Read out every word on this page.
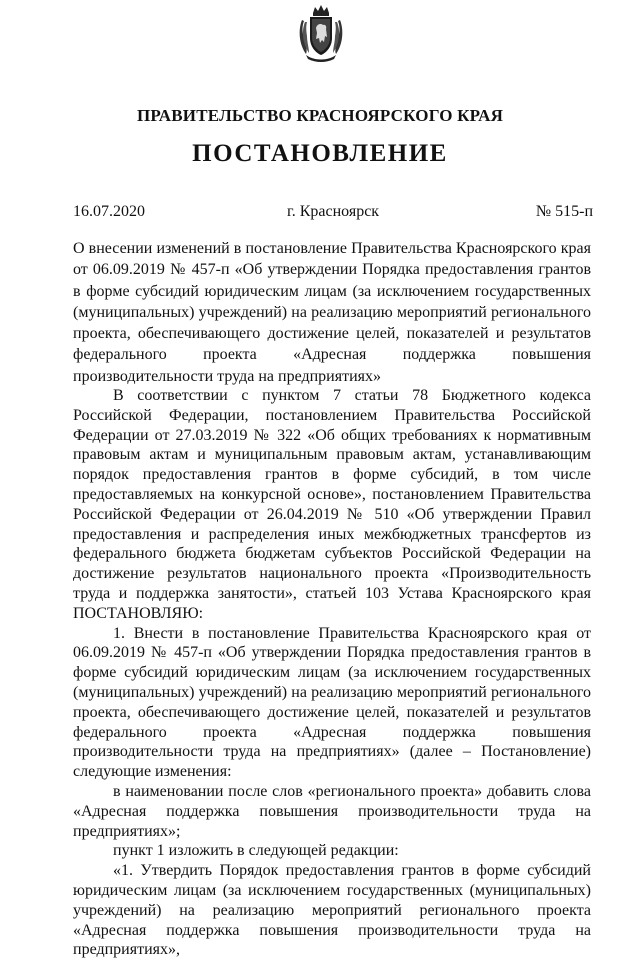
ПРАВИТЕЛЬСТВО КРАСНОЯРСКОГО КРАЯ
ПОСТАНОВЛЕНИЕ
16.07.2020	г. Красноярск	№ 515-п
О внесении изменений в постановление Правительства Красноярского края от 06.09.2019 № 457-п «Об утверждении Порядка предоставления грантов в форме субсидий юридическим лицам (за исключением государственных (муниципальных) учреждений) на реализацию мероприятий регионального проекта, обеспечивающего достижение целей, показателей и результатов федерального проекта «Адресная поддержка повышения производительности труда на предприятиях»

В соответствии с пунктом 7 статьи 78 Бюджетного кодекса Российской Федерации, постановлением Правительства Российской Федерации от 27.03.2019 № 322 «Об общих требованиях к нормативным правовым актам и муниципальным правовым актам, устанавливающим порядок предоставления грантов в форме субсидий, в том числе предоставляемых на конкурсной основе», постановлением Правительства Российской Федерации от 26.04.2019 № 510 «Об утверждении Правил предоставления и распределения иных межбюджетных трансфертов из федерального бюджета бюджетам субъектов Российской Федерации на достижение результатов национального проекта «Производительность труда и поддержка занятости», статьей 103 Устава Красноярского края ПОСТАНОВЛЯЮ:

1. Внести в постановление Правительства Красноярского края от 06.09.2019 № 457-п «Об утверждении Порядка предоставления грантов в форме субсидий юридическим лицам (за исключением государственных (муниципальных) учреждений) на реализацию мероприятий регионального проекта, обеспечивающего достижение целей, показателей и результатов федерального проекта «Адресная поддержка повышения производительности труда на предприятиях» (далее – Постановление) следующие изменения:

в наименовании после слов «регионального проекта» добавить слова «Адресная поддержка повышения производительности труда на предприятиях»;

пункт 1 изложить в следующей редакции:

«1. Утвердить Порядок предоставления грантов в форме субсидий юридическим лицам (за исключением государственных (муниципальных) учреждений) на реализацию мероприятий регионального проекта «Адресная поддержка повышения производительности труда на предприятиях»,
